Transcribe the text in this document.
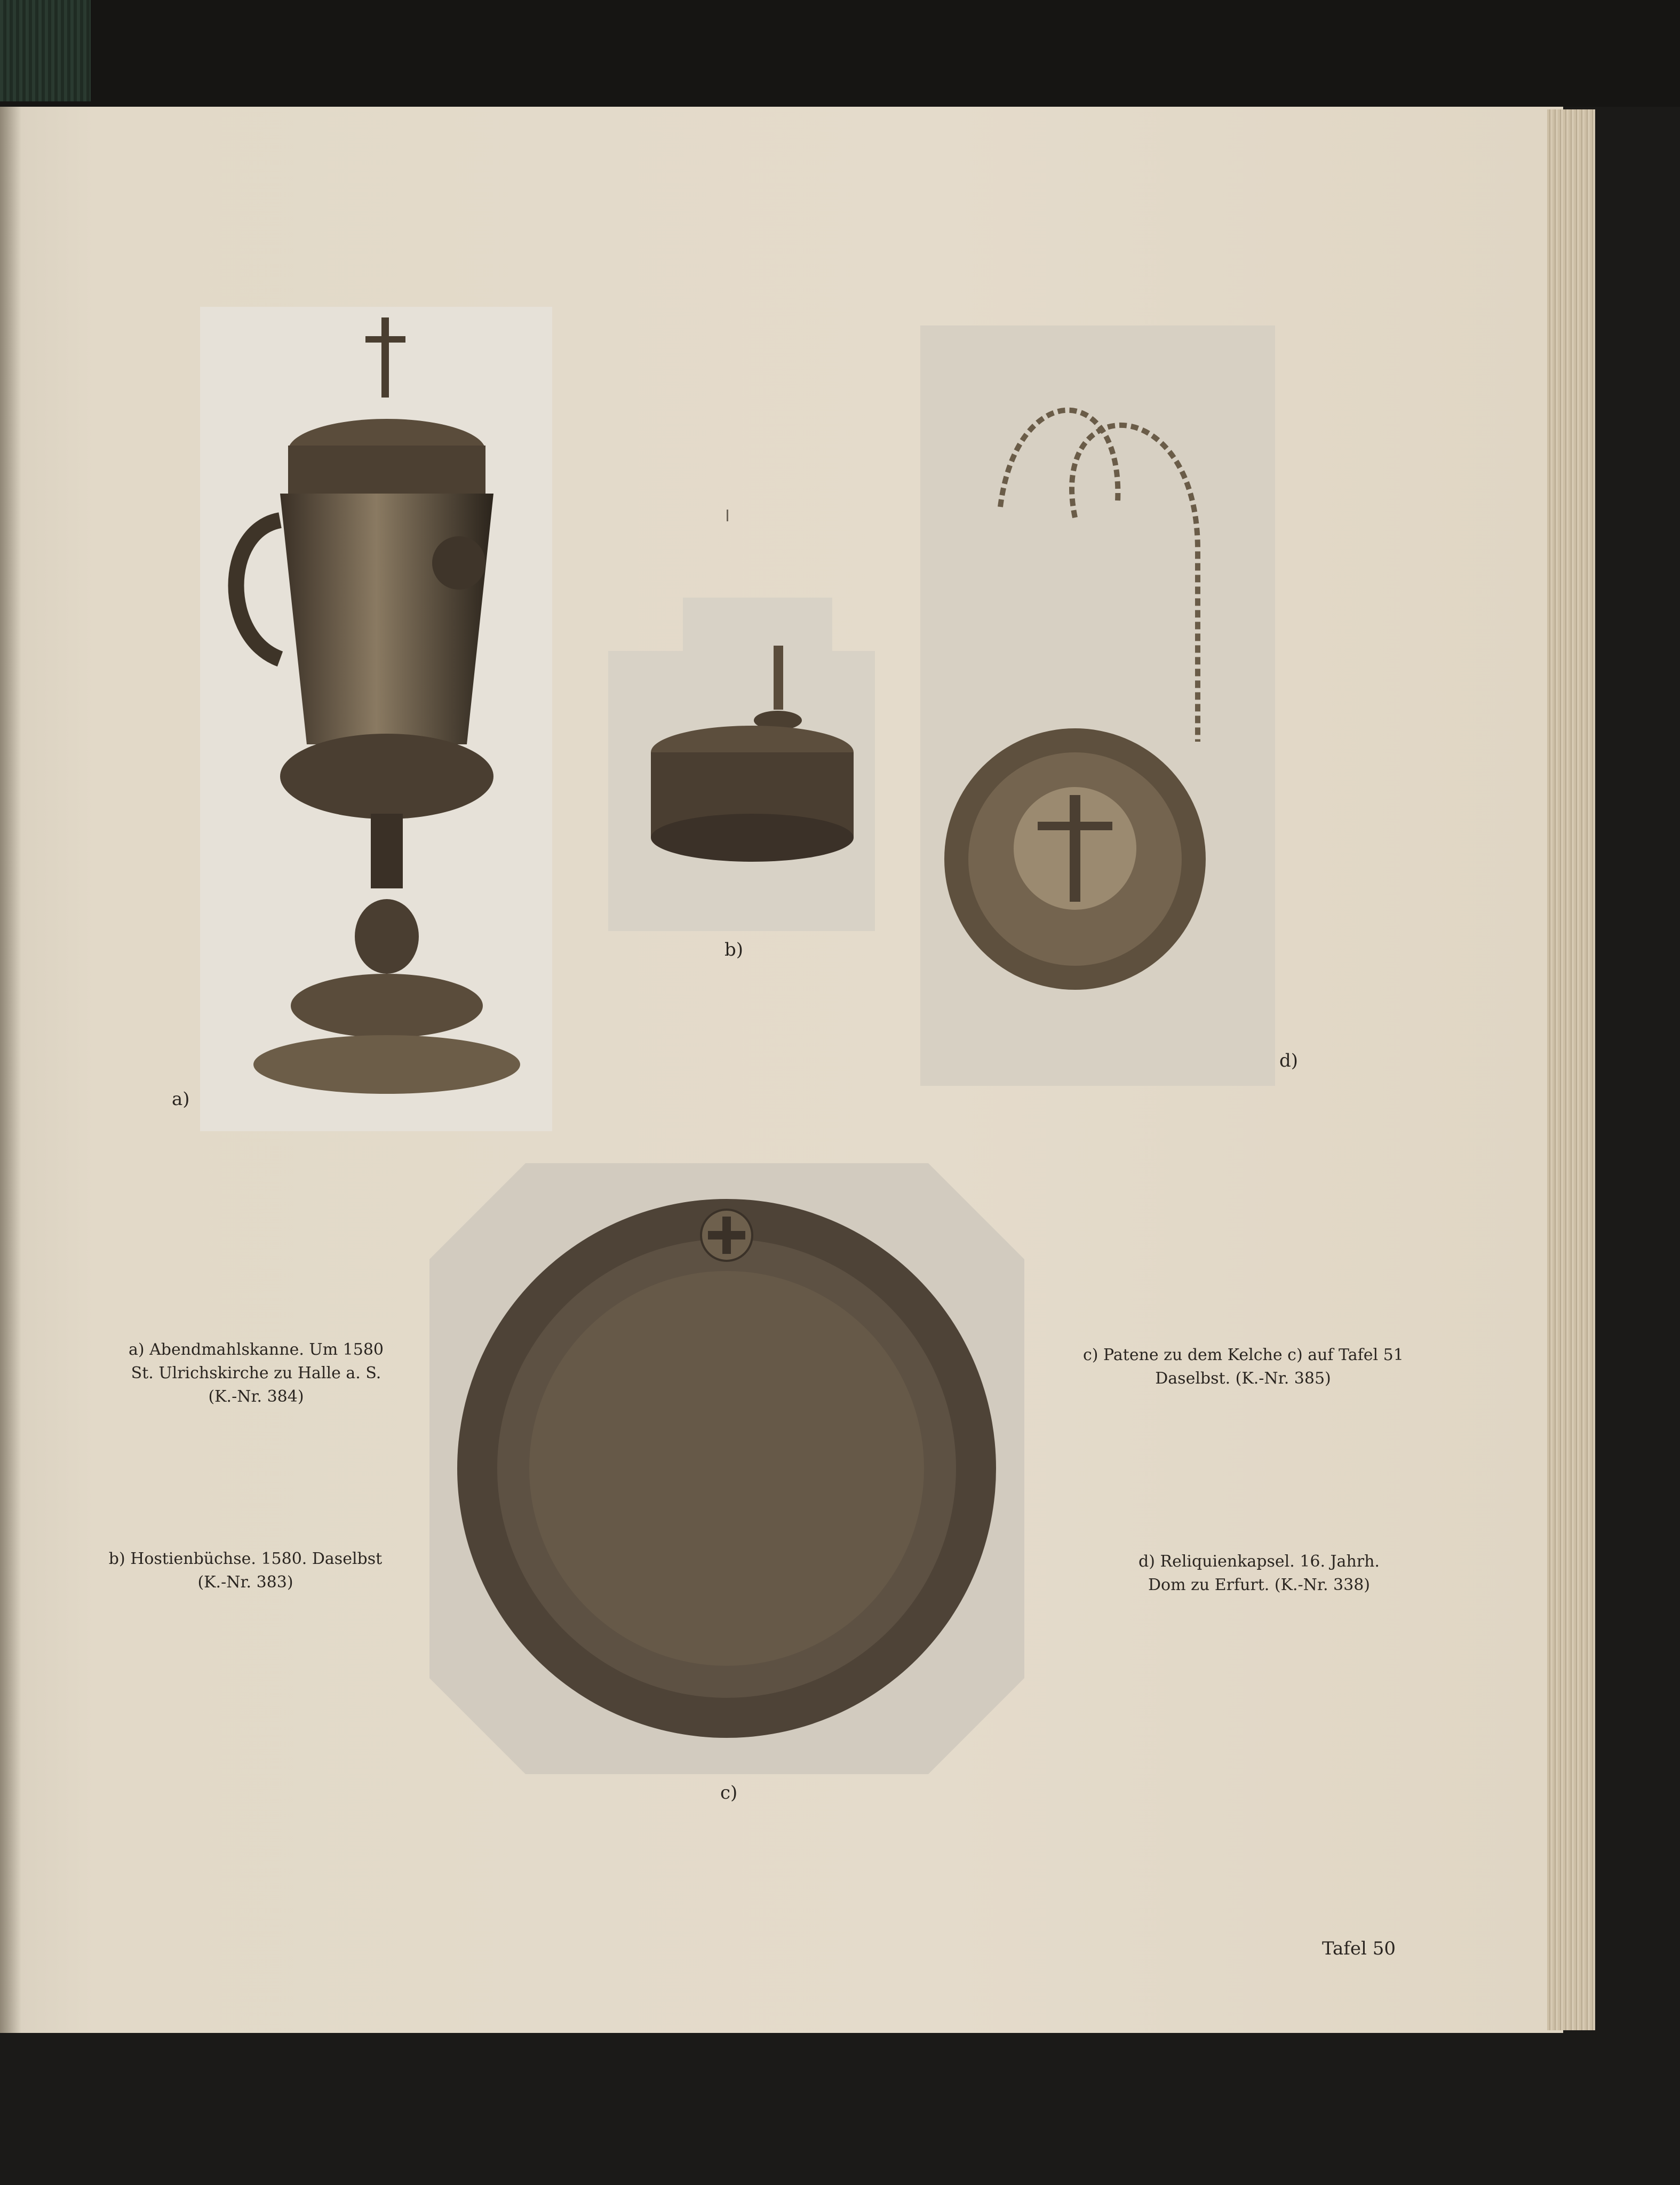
a)
b)
d)
c)
a) Abendmahlskanne. Um 1580
St. Ulrichskirche zu Halle a. S.
(K.-Nr. 384)
b) Hostienbüchse. 1580. Daselbst
(K.-Nr. 383)
c) Patene zu dem Kelche c) auf Tafel 51
Daselbst. (K.-Nr. 385)
d) Reliquienkapsel. 16. Jahrh.
Dom zu Erfurt. (K.-Nr. 338)
Tafel 50
